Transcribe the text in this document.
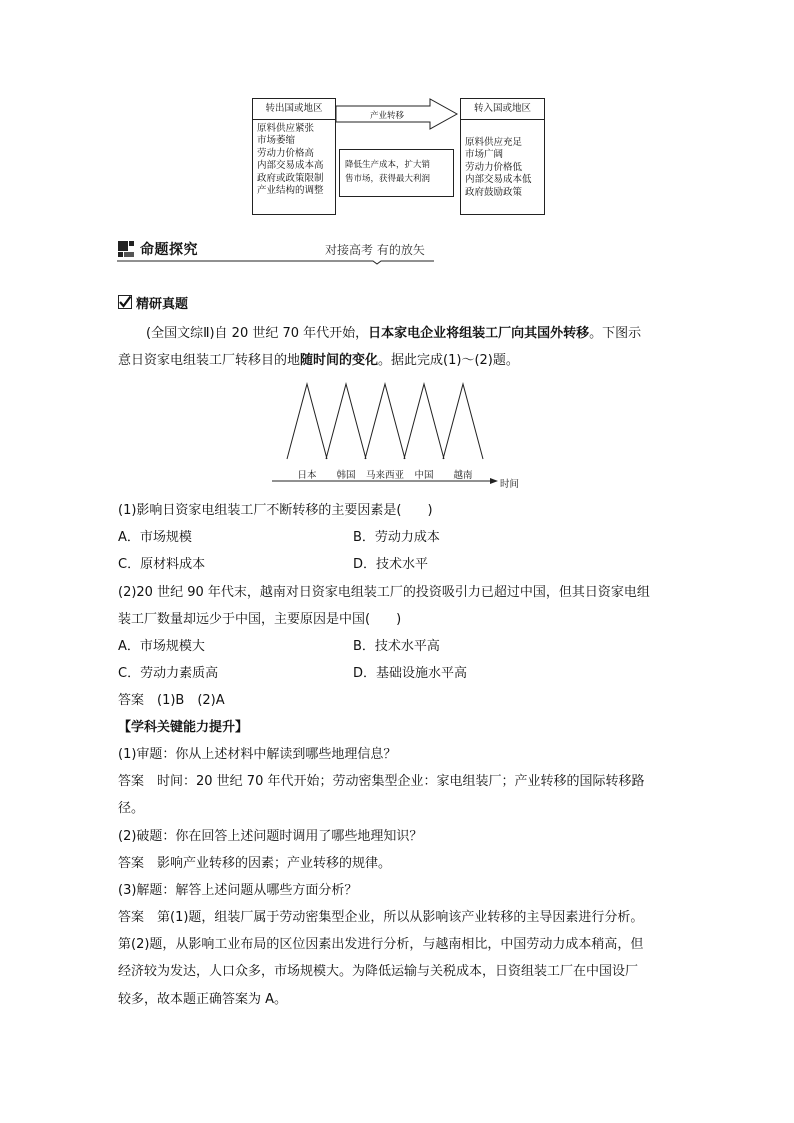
转出国或地区
原料供应紧张
市场萎缩
劳动力价格高
内部交易成本高
政府或政策限制
产业结构的调整
产业转移
降低生产成本，扩大销
售市场，获得最大利润
转入国或地区
原料供应充足
市场广阔
劳动力价格低
内部交易成本低
政府鼓励政策
命题探究	对接高考 有的放矢
精研真题
(全国文综Ⅱ)自 20 世纪 70 年代开始，日本家电企业将组装工厂向其国外转移。下图示
意日资家电组装工厂转移目的地随时间的变化。据此完成(1)～(2)题。
日本	韩国	马来西亚	中国	越南
时间
(1)影响日资家电组装工厂不断转移的主要因素是(　　)
A．市场规模	B．劳动力成本
C．原材料成本	D．技术水平
(2)20 世纪 90 年代末，越南对日资家电组装工厂的投资吸引力已超过中国，但其日资家电组
装工厂数量却远少于中国，主要原因是中国(　　)
A．市场规模大	B．技术水平高
C．劳动力素质高	D．基础设施水平高
答案　(1)B　(2)A
【学科关键能力提升】
(1)审题：你从上述材料中解读到哪些地理信息？
答案　时间：20 世纪 70 年代开始；劳动密集型企业：家电组装厂；产业转移的国际转移路
径。
(2)破题：你在回答上述问题时调用了哪些地理知识？
答案　影响产业转移的因素；产业转移的规律。
(3)解题：解答上述问题从哪些方面分析？
答案　第(1)题，组装厂属于劳动密集型企业，所以从影响该产业转移的主导因素进行分析。
第(2)题，从影响工业布局的区位因素出发进行分析，与越南相比，中国劳动力成本稍高，但
经济较为发达，人口众多，市场规模大。为降低运输与关税成本，日资组装工厂在中国设厂
较多，故本题正确答案为 A。
